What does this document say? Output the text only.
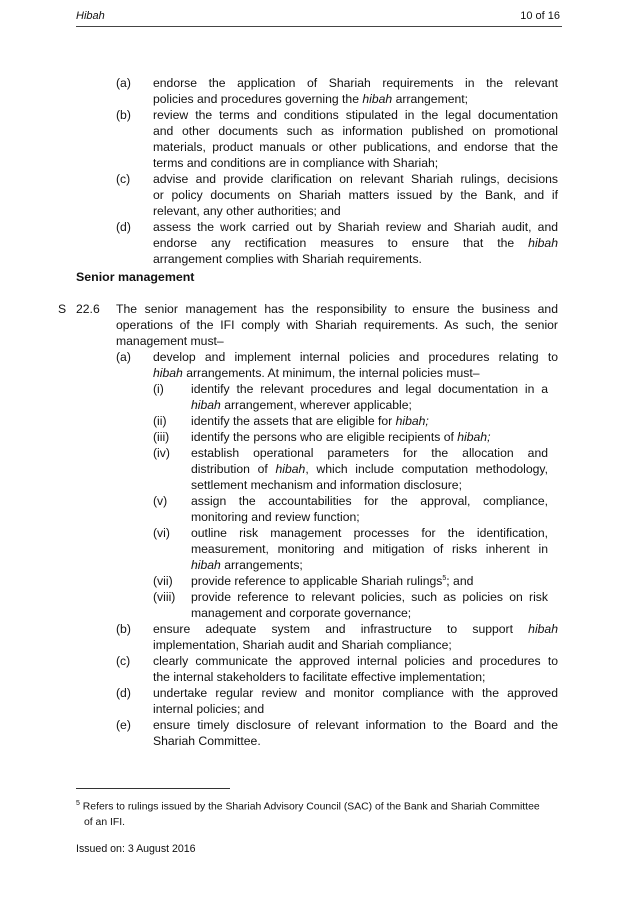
Hibah	10 of 16
Senior management
S 22.6
(a) endorse the application of Shariah requirements in the relevant
policies and procedures governing the hibah arrangement;
(b) review the terms and conditions stipulated in the legal documentation
and other documents such as information published on promotional
materials, product manuals or other publications, and endorse that the
terms and conditions are in compliance with Shariah;
(c) advise and provide clarification on relevant Shariah rulings, decisions
or policy documents on Shariah matters issued by the Bank, and if
relevant, any other authorities; and
(d) assess the work carried out by Shariah review and Shariah audit, and
endorse any rectification measures to ensure that the hibah
arrangement complies with Shariah requirements.
The senior management has the responsibility to ensure the business and
operations of the IFI comply with Shariah requirements. As such, the senior
management must–
(a) develop and implement internal policies and procedures relating to
hibah arrangements. At minimum, the internal policies must–
(i) identify the relevant procedures and legal documentation in a
hibah arrangement, wherever applicable;
(ii) identify the assets that are eligible for hibah;
(iii) identify the persons who are eligible recipients of hibah;
(iv) establish operational parameters for the allocation and
distribution of hibah, which include computation methodology,
settlement mechanism and information disclosure;
(v) assign the accountabilities for the approval, compliance,
monitoring and review function;
(vi) outline risk management processes for the identification,
measurement, monitoring and mitigation of risks inherent in
hibah arrangements;
(vii) provide reference to applicable Shariah rulings$^5$; and
(viii) provide reference to relevant policies, such as policies on risk
management and corporate governance;
(b) ensure adequate system and infrastructure to support hibah
implementation, Shariah audit and Shariah compliance;
(c) clearly communicate the approved internal policies and procedures to
the internal stakeholders to facilitate effective implementation;
(d) undertake regular review and monitor compliance with the approved
internal policies; and
(e) ensure timely disclosure of relevant information to the Board and the
Shariah Committee.
$^5$ Refers to rulings issued by the Shariah Advisory Council (SAC) of the Bank and Shariah Committee
of an IFI.
Issued on: 3 August 2016
